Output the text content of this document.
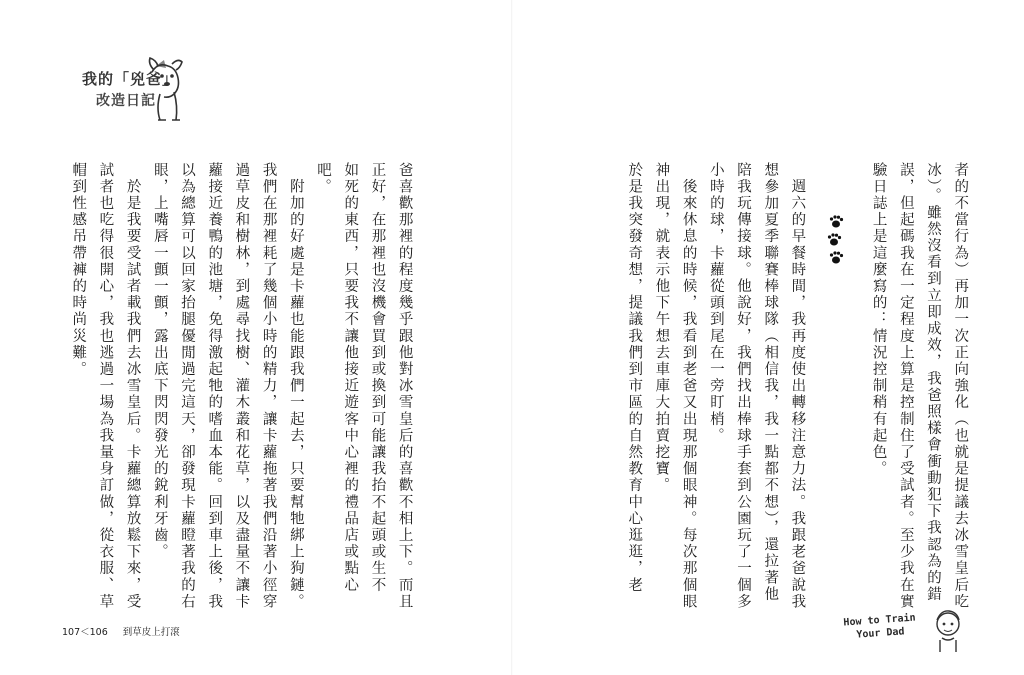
我的「兇爸」
改造日記

爸喜歡那裡的程度幾乎跟他對冰雪皇后的喜歡不相上下。而且

正好，在那裡也沒機會買到或換到可能讓我抬不起頭或生不

如死的東西，只要我不讓他接近遊客中心裡的禮品店或點心

吧。

　附加的好處是卡蘿也能跟我們一起去，只要幫牠綁上狗鏈。

我們在那裡耗了幾個小時的精力，讓卡蘿拖著我們沿著小徑穿

過草皮和樹林，到處尋找樹、灌木叢和花草，以及盡量不讓卡

蘿接近養鴨的池塘，免得激起牠的嗜血本能。回到車上後，我

以為總算可以回家抬腿優閒過完這天，卻發現卡蘿瞪著我的右

眼，上嘴唇一顫一顫，露出底下閃閃發光的銳利牙齒。

　於是我要受試者載我們去冰雪皇后。卡蘿總算放鬆下來，受

試者也吃得很開心，我也逃過一場為我量身訂做，從衣服、草

帽到性感吊帶褲的時尚災難。	者的不當行為）再加一次正向強化（也就是提議去冰雪皇后吃

冰）。雖然沒看到立即成效，我爸照樣會衝動犯下我認為的錯

誤，但起碼我在一定程度上算是控制住了受試者。至少我在實

驗日誌上是這麼寫的：情況控制稍有起色。

　週六的早餐時間，我再度使出轉移注意力法。我跟老爸說我

想參加夏季聯賽棒球隊（相信我，我一點都不想），還拉著他

陪我玩傳接球。他說好，我們找出棒球手套到公園玩了一個多

小時的球，卡蘿從頭到尾在一旁盯梢。

　後來休息的時候，我看到老爸又出現那個眼神。每次那個眼

神出現，就表示他下午想去車庫大拍賣挖寶。

於是我突發奇想，提議我們到市區的自然教育中心逛逛，老

107＜106 到草皮上打滾
How to Train
Your Dad
